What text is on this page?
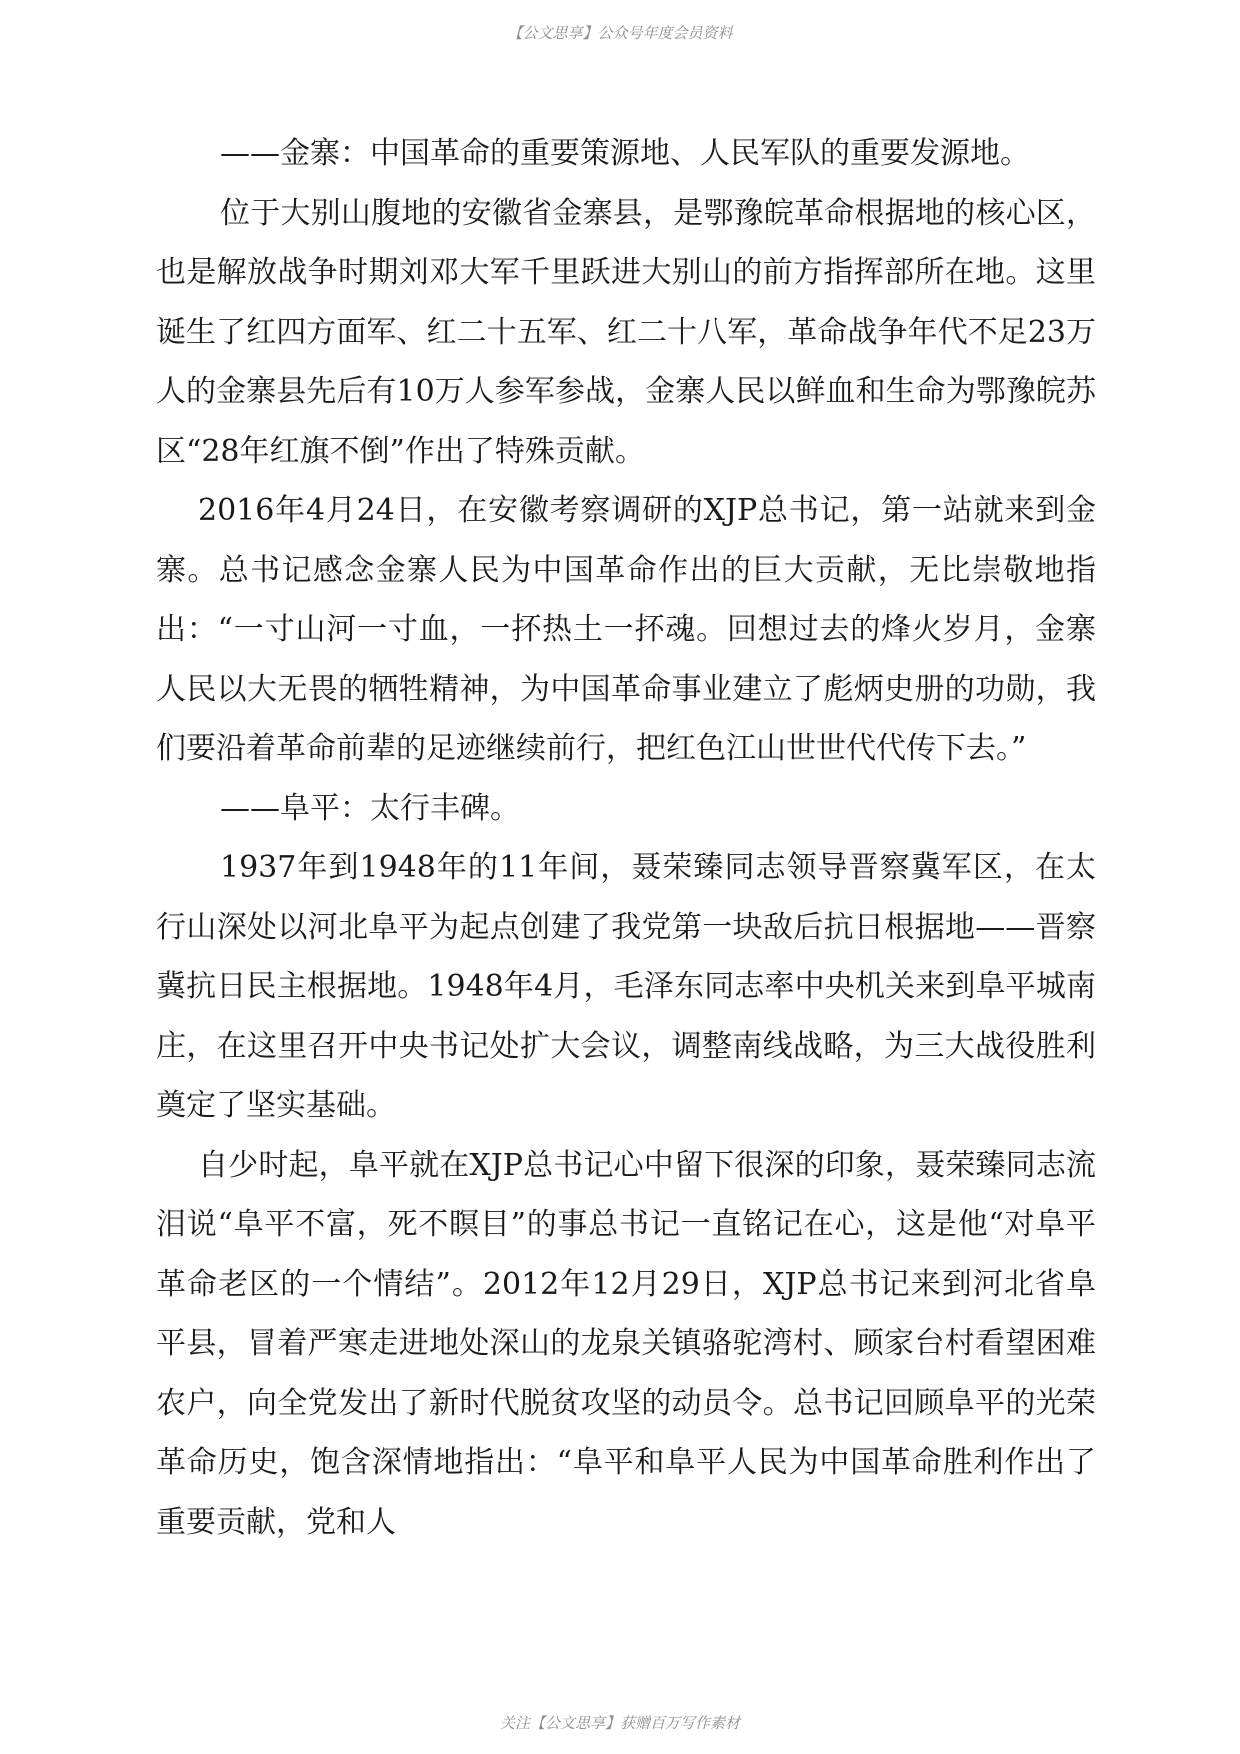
【公文思享】公众号年度会员资料

——金寨：中国革命的重要策源地、人民军队的重要发源地。

位于大别山腹地的安徽省金寨县，是鄂豫皖革命根据地的核心区，也是解放战争时期刘邓大军千里跃进大别山的前方指挥部所在地。这里诞生了红四方面军、红二十五军、红二十八军，革命战争年代不足23万人的金寨县先后有10万人参军参战，金寨人民以鲜血和生命为鄂豫皖苏区“28年红旗不倒”作出了特殊贡献。

2016年4月24日，在安徽考察调研的XJP总书记，第一站就来到金寨。总书记感念金寨人民为中国革命作出的巨大贡献，无比崇敬地指出：“一寸山河一寸血，一抔热土一抔魂。回想过去的烽火岁月，金寨人民以大无畏的牺牲精神，为中国革命事业建立了彪炳史册的功勋，我们要沿着革命前辈的足迹继续前行，把红色江山世世代代传下去。”

——阜平：太行丰碑。

1937年到1948年的11年间，聂荣臻同志领导晋察冀军区，在太行山深处以河北阜平为起点创建了我党第一块敌后抗日根据地——晋察冀抗日民主根据地。1948年4月，毛泽东同志率中央机关来到阜平城南庄，在这里召开中央书记处扩大会议，调整南线战略，为三大战役胜利奠定了坚实基础。

自少时起，阜平就在XJP总书记心中留下很深的印象，聂荣臻同志流泪说“阜平不富，死不瞑目”的事总书记一直铭记在心，这是他“对阜平革命老区的一个情结”。2012年12月29日，XJP总书记来到河北省阜平县，冒着严寒走进地处深山的龙泉关镇骆驼湾村、顾家台村看望困难农户，向全党发出了新时代脱贫攻坚的动员令。总书记回顾阜平的光荣革命历史，饱含深情地指出：“阜平和阜平人民为中国革命胜利作出了重要贡献，党和人

关注【公文思享】获赠百万写作素材
